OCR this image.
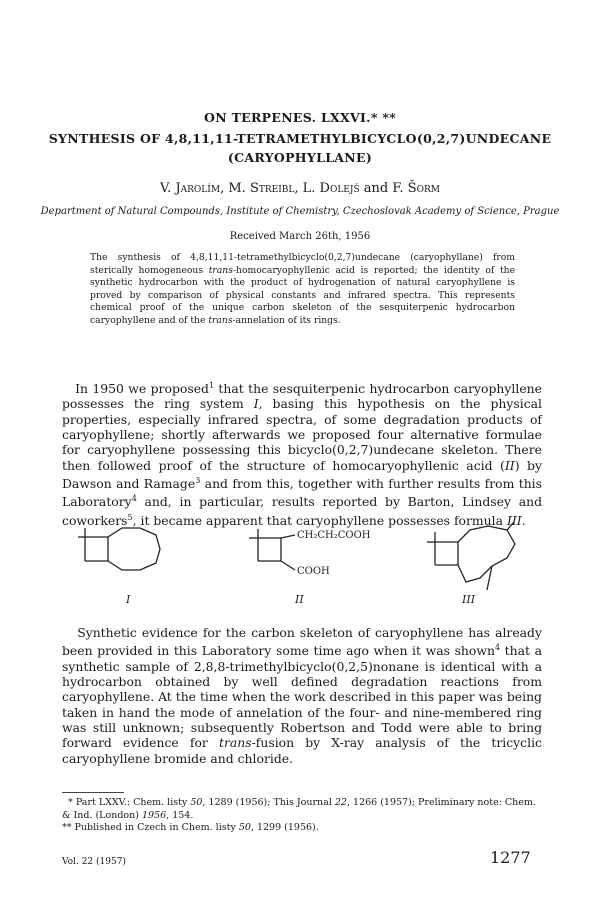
ON TERPENES. LXXVI.* **
SYNTHESIS OF 4,8,11,11-TETRAMETHYLBICYCLO(0,2,7)UNDECANE
(CARYOPHYLLANE)
V. Jarolím, M. Streibl, L. Dolejš and F. Šorm
Department of Natural Compounds, Institute of Chemistry, Czechoslovak Academy of Science, Prague
Received March 26th, 1956
The synthesis of 4,8,11,11-tetramethylbicyclo(0,2,7)undecane (caryophyllane) from sterically homogeneous trans-homocaryophyllenic acid is reported; the identity of the synthetic hydrocarbon with the product of hydrogenation of natural caryophyllene is proved by comparison of physical constants and infrared spectra. This represents chemical proof of the unique carbon skeleton of the sesquiterpenic hydrocarbon caryophyllene and of the trans-annelation of its rings.
In 1950 we proposed$^1$ that the sesquiterpenic hydrocarbon caryophyllene possesses the ring system I, basing this hypothesis on the physical properties, especially infrared spectra, of some degradation products of caryophyllene; shortly afterwards we proposed four alternative formulae for caryophyllene possessing this bicyclo(0,2,7)undecane skeleton. There then followed proof of the structure of homocaryophyllenic acid (II) by Dawson and Ramage$^3$ and from this, together with further results from this Laboratory$^4$ and, in particular, results reported by Barton, Lindsey and coworkers$^5$, it became apparent that caryophyllene possesses formula III.
I	II	III
CH₂CH₂COOH
COOH
Synthetic evidence for the carbon skeleton of caryophyllene has already been provided in this Laboratory some time ago when it was shown$^4$ that a synthetic sample of 2,8,8-trimethylbicyclo(0,2,5)nonane is identical with a hydrocarbon obtained by well defined degradation reactions from caryophyllene. At the time when the work described in this paper was being taken in hand the mode of annelation of the four- and nine-membered ring was still unknown; subsequently Robertson and Todd were able to bring forward evidence for trans-fusion by X-ray analysis of the tricyclic caryophyllene bromide and chloride.

* Part LXXV.: Chem. listy 50, 1289 (1956); This Journal 22, 1266 (1957); Preliminary note: Chem. & Ind. (London) 1956, 154.

** Published in Czech in Chem. listy 50, 1299 (1956).

Vol. 22 (1957)	1277
